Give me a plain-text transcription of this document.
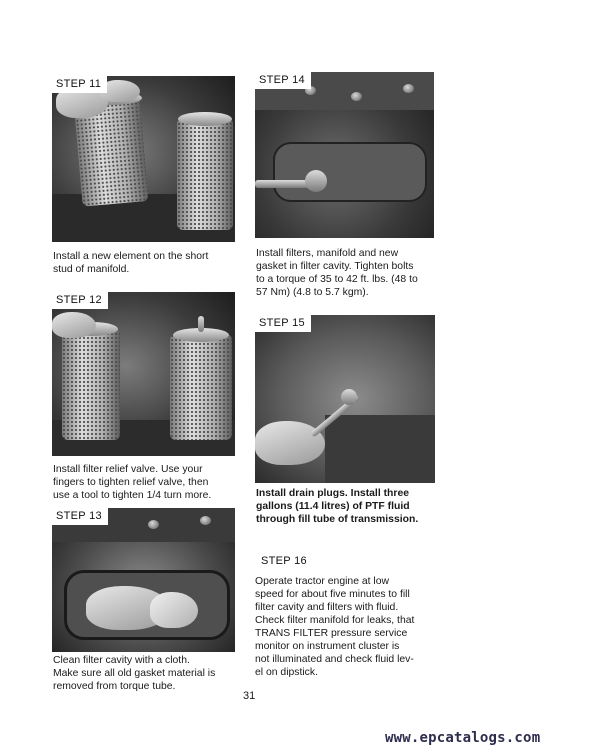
STEP 11
Install a new element on the short
stud of manifold.
STEP 12
Install filter relief valve. Use your
fingers to tighten relief valve, then
use a tool to tighten 1/4 turn more.
STEP 13
Clean filter cavity with a cloth.
Make sure all old gasket material is
removed from torque tube.
STEP 14
Install filters, manifold and new
gasket in filter cavity. Tighten bolts
to a torque of 35 to 42 ft. lbs. (48 to
57 Nm) (4.8 to 5.7 kgm).
STEP 15
Install drain plugs. Install three
gallons (11.4 litres) of PTF fluid
through fill tube of transmission.
STEP 16
Operate tractor engine at low
speed for about five minutes to fill
filter cavity and filters with fluid.
Check filter manifold for leaks, that
TRANS FILTER pressure service
monitor on instrument cluster is
not illuminated and check fluid lev-
el on dipstick.
31
www.epcatalogs.com
